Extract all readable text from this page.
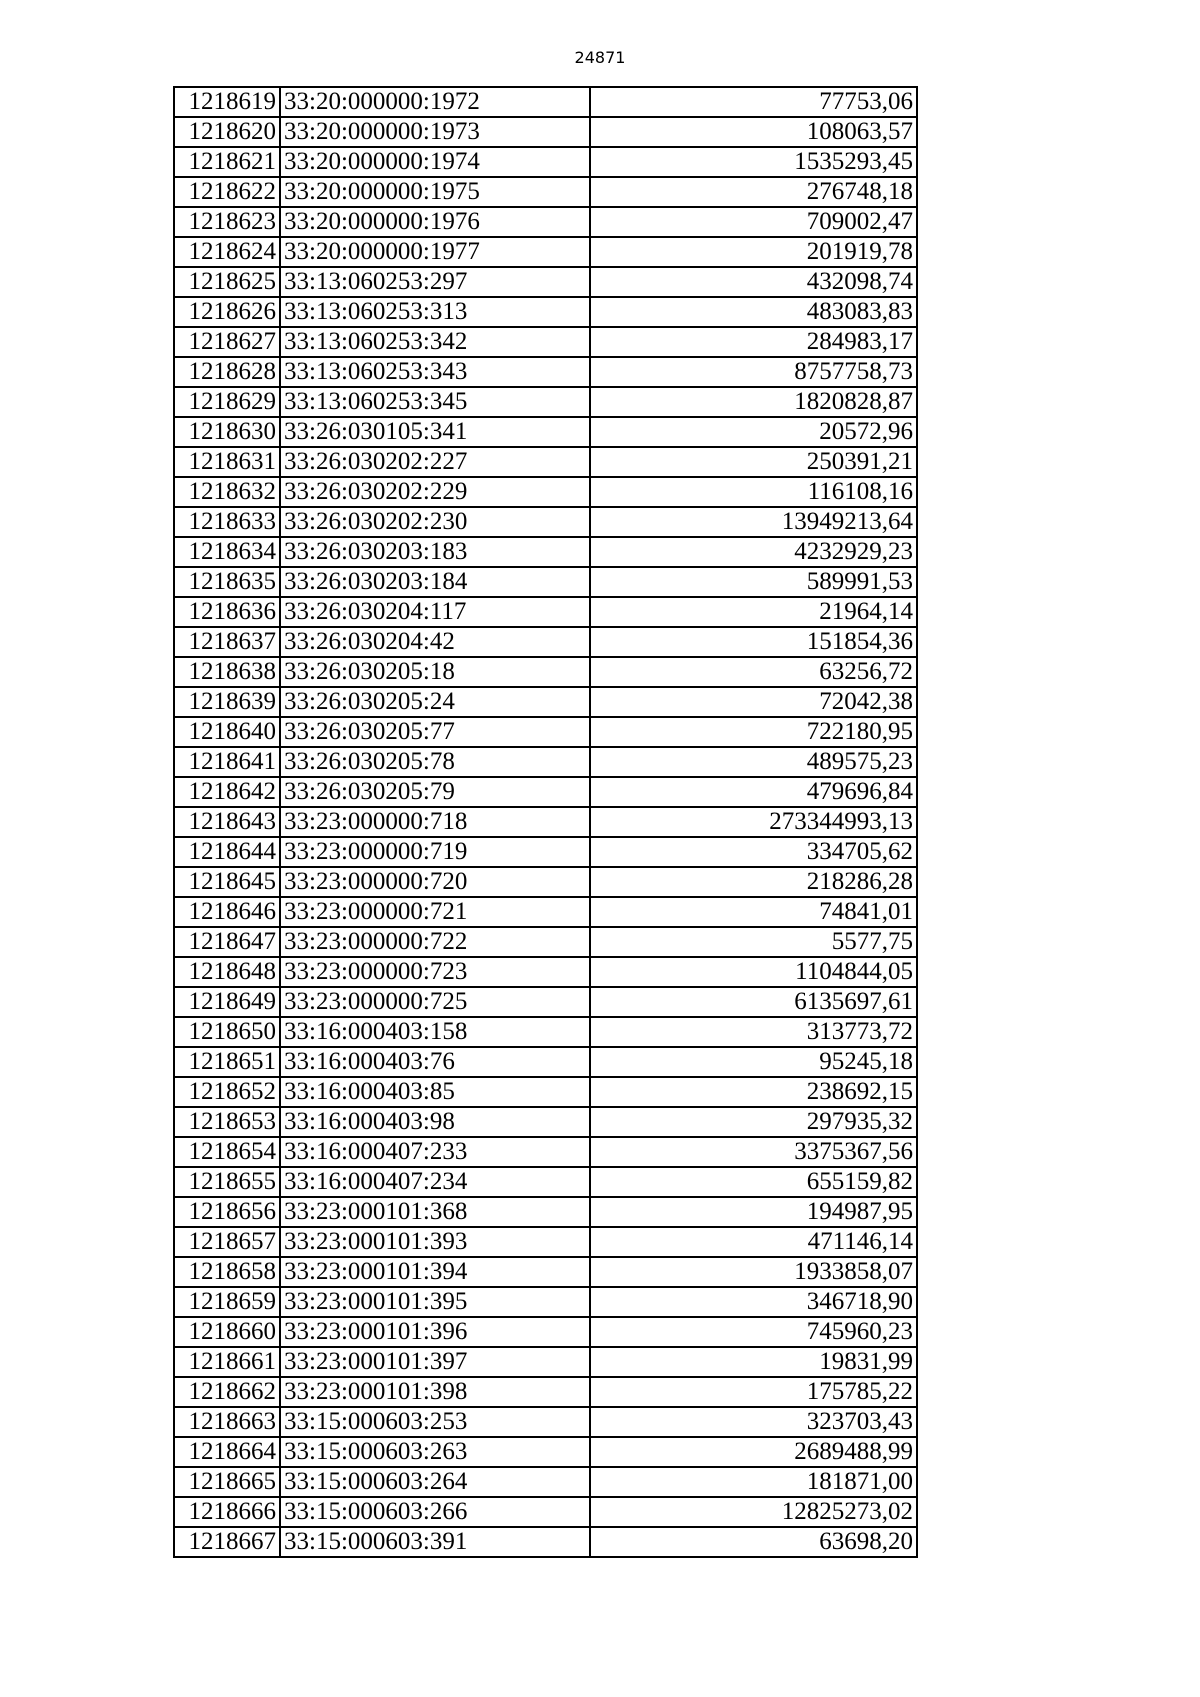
24871
1218619	33:20:000000:1972	77753,06
1218620	33:20:000000:1973	108063,57
1218621	33:20:000000:1974	1535293,45
1218622	33:20:000000:1975	276748,18
1218623	33:20:000000:1976	709002,47
1218624	33:20:000000:1977	201919,78
1218625	33:13:060253:297	432098,74
1218626	33:13:060253:313	483083,83
1218627	33:13:060253:342	284983,17
1218628	33:13:060253:343	8757758,73
1218629	33:13:060253:345	1820828,87
1218630	33:26:030105:341	20572,96
1218631	33:26:030202:227	250391,21
1218632	33:26:030202:229	116108,16
1218633	33:26:030202:230	13949213,64
1218634	33:26:030203:183	4232929,23
1218635	33:26:030203:184	589991,53
1218636	33:26:030204:117	21964,14
1218637	33:26:030204:42	151854,36
1218638	33:26:030205:18	63256,72
1218639	33:26:030205:24	72042,38
1218640	33:26:030205:77	722180,95
1218641	33:26:030205:78	489575,23
1218642	33:26:030205:79	479696,84
1218643	33:23:000000:718	273344993,13
1218644	33:23:000000:719	334705,62
1218645	33:23:000000:720	218286,28
1218646	33:23:000000:721	74841,01
1218647	33:23:000000:722	5577,75
1218648	33:23:000000:723	1104844,05
1218649	33:23:000000:725	6135697,61
1218650	33:16:000403:158	313773,72
1218651	33:16:000403:76	95245,18
1218652	33:16:000403:85	238692,15
1218653	33:16:000403:98	297935,32
1218654	33:16:000407:233	3375367,56
1218655	33:16:000407:234	655159,82
1218656	33:23:000101:368	194987,95
1218657	33:23:000101:393	471146,14
1218658	33:23:000101:394	1933858,07
1218659	33:23:000101:395	346718,90
1218660	33:23:000101:396	745960,23
1218661	33:23:000101:397	19831,99
1218662	33:23:000101:398	175785,22
1218663	33:15:000603:253	323703,43
1218664	33:15:000603:263	2689488,99
1218665	33:15:000603:264	181871,00
1218666	33:15:000603:266	12825273,02
1218667	33:15:000603:391	63698,20
